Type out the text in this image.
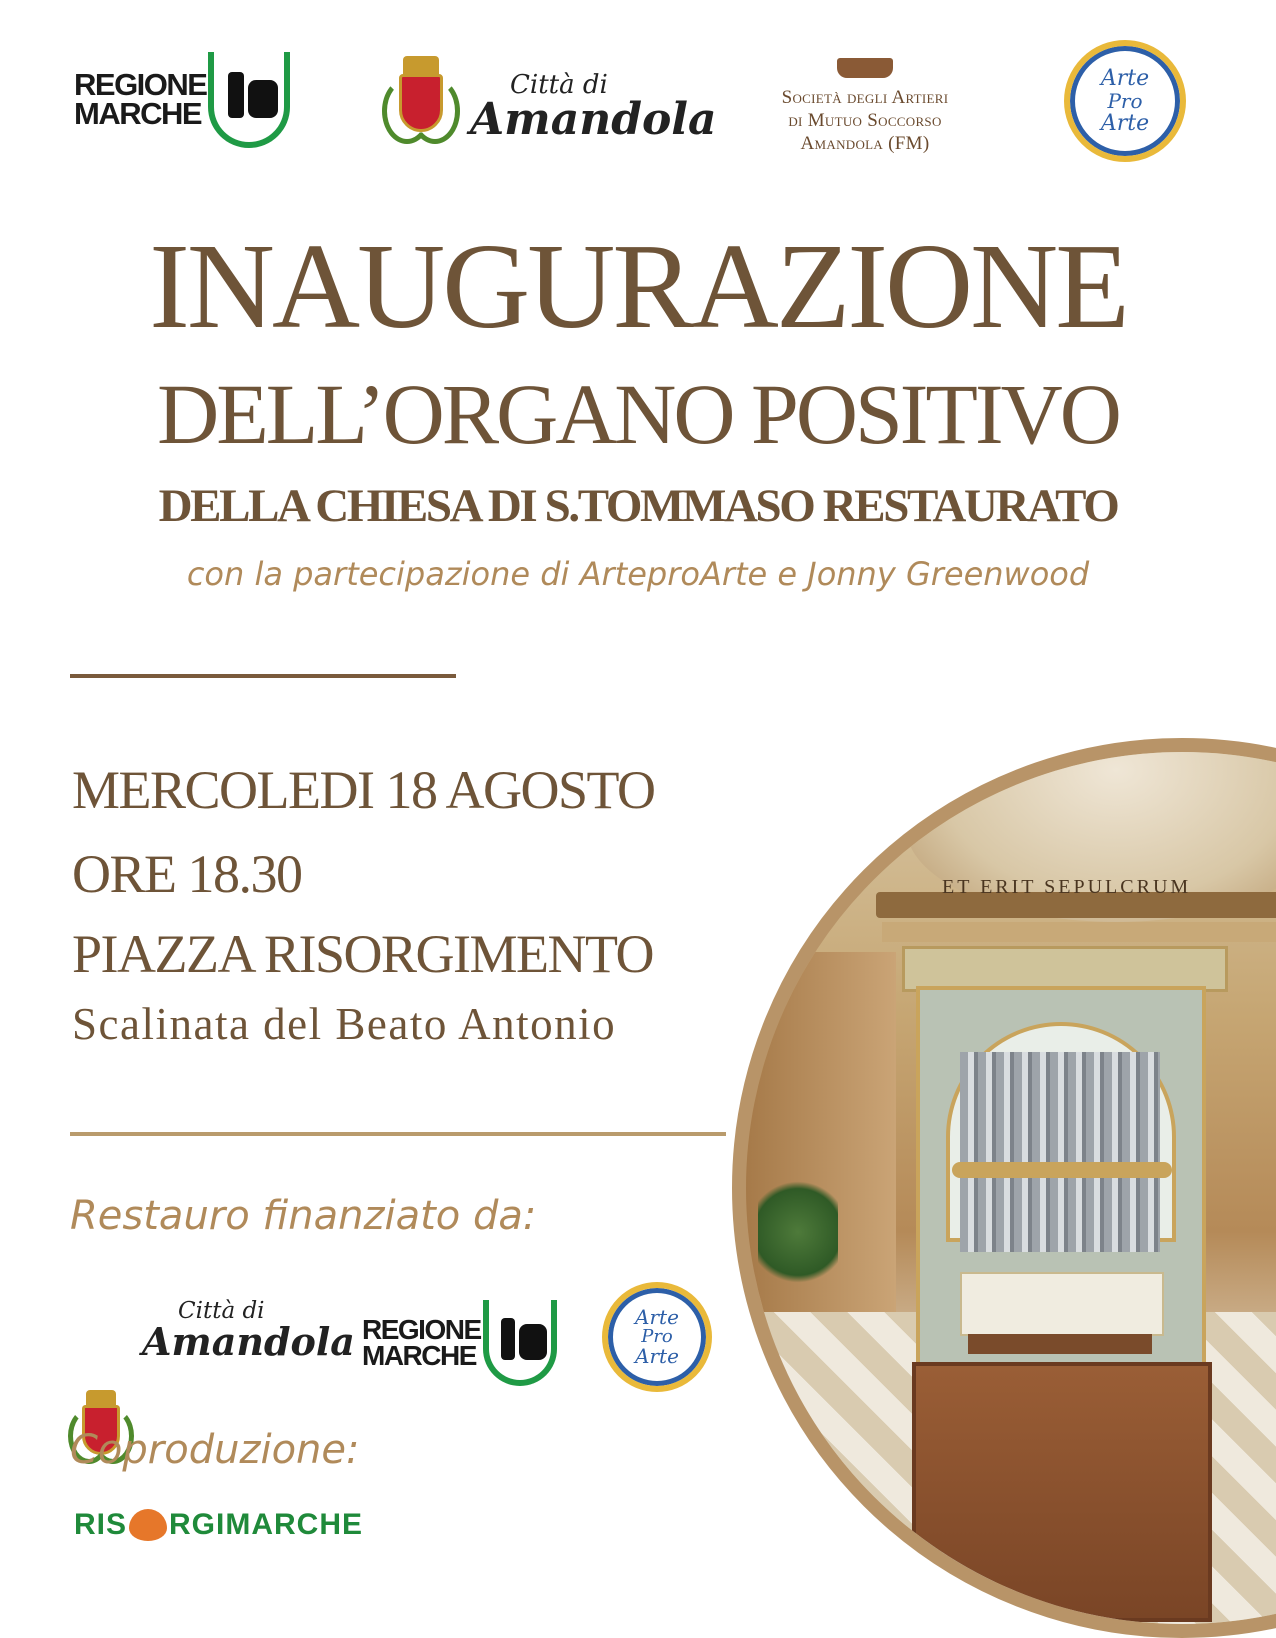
REGIONE
MARCHE
Città di
Amandola	Società degli Artieri
di Mutuo Soccorso
Amandola (FM)
Arte
Pro
Arte
INAUGURAZIONE
DELL’ORGANO POSITIVO
DELLA CHIESA DI S.TOMMASO RESTAURATO
con la partecipazione di ArteproArte e Jonny Greenwood
MERCOLEDI 18 AGOSTO
ORE 18.30
PIAZZA RISORGIMENTO
Scalinata del Beato Antonio
Restauro finanziato da:
Città di
Amandola REGIONE
MARCHE
Arte
Pro
Arte
Coproduzione:
RIS RGIMARCHE
ET ERIT SEPULCRUM
